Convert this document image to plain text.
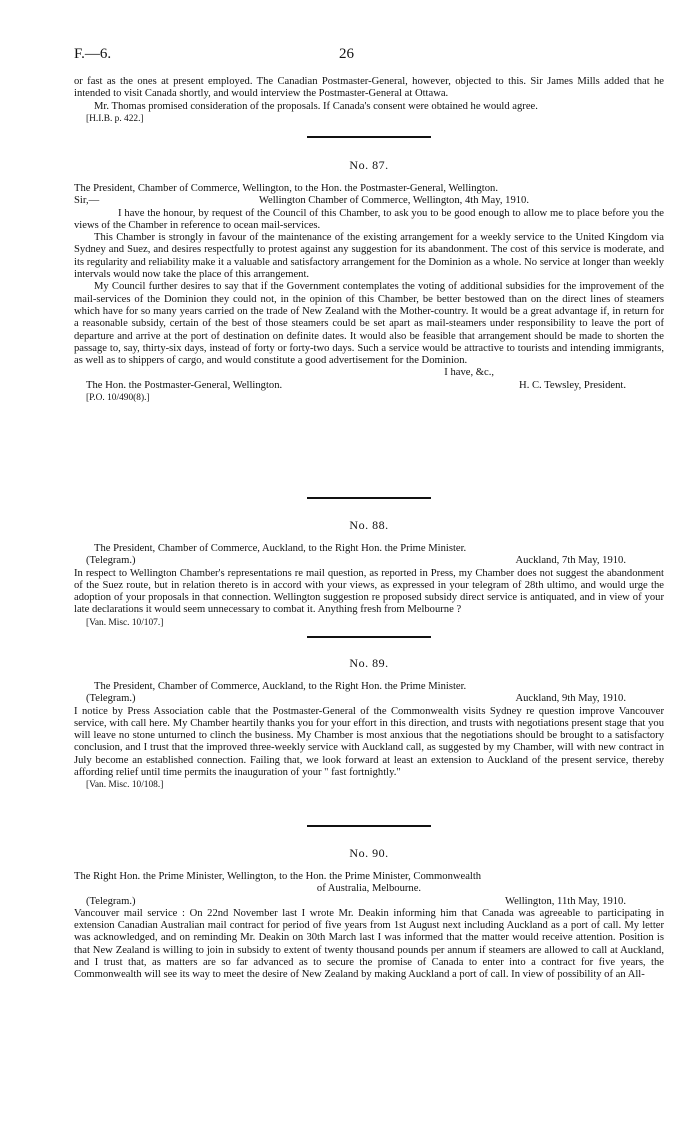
F.—6.	26

or fast as the ones at present employed. The Canadian Postmaster-General, however, objected to this. Sir James Mills added that he intended to visit Canada shortly, and would interview the Postmaster-General at Ottawa.

Mr. Thomas promised consideration of the proposals. If Canada's consent were obtained he would agree.

[H.I.B. p. 422.]

No. 87.

The President, Chamber of Commerce, Wellington, to the Hon. the Postmaster-General, Wellington.

Sir,—	Wellington Chamber of Commerce, Wellington, 4th May, 1910.

I have the honour, by request of the Council of this Chamber, to ask you to be good enough to allow me to place before you the views of the Chamber in reference to ocean mail-services.

This Chamber is strongly in favour of the maintenance of the existing arrangement for a weekly service to the United Kingdom via Sydney and Suez, and desires respectfully to protest against any suggestion for its abandonment. The cost of this service is moderate, and its regularity and reliability make it a valuable and satisfactory arrangement for the Dominion as a whole. No service at longer than weekly intervals would now take the place of this arrangement.

My Council further desires to say that if the Government contemplates the voting of additional subsidies for the improvement of the mail-services of the Dominion they could not, in the opinion of this Chamber, be better bestowed than on the direct lines of steamers which have for so many years carried on the trade of New Zealand with the Mother-country. It would be a great advantage if, in return for a reasonable subsidy, certain of the best of those steamers could be set apart as mail-steamers under responsibility to leave the port of departure and arrive at the port of destination on definite dates. It would also be feasible that arrangement should be made to shorten the passage to, say, thirty-six days, instead of forty or forty-two days. Such a service would be attractive to tourists and intending immigrants, as well as to shippers of cargo, and would constitute a good advertisement for the Dominion.

I have, &c.,
The Hon. the Postmaster-General, Wellington.	H. C. Tewsley, President.

[P.O. 10/490(8).]

No. 88.

The President, Chamber of Commerce, Auckland, to the Right Hon. the Prime Minister.

(Telegram.)	Auckland, 7th May, 1910.

In respect to Wellington Chamber's representations re mail question, as reported in Press, my Chamber does not suggest the abandonment of the Suez route, but in relation thereto is in accord with your views, as expressed in your telegram of 28th ultimo, and would urge the adoption of your proposals in that connection. Wellington suggestion re proposed subsidy direct service is antiquated, and in view of your late declarations it would seem unnecessary to combat it. Anything fresh from Melbourne ?

[Van. Misc. 10/107.]

No. 89.

The President, Chamber of Commerce, Auckland, to the Right Hon. the Prime Minister.

(Telegram.)	Auckland, 9th May, 1910.

I notice by Press Association cable that the Postmaster-General of the Commonwealth visits Sydney re question improve Vancouver service, with call here. My Chamber heartily thanks you for your effort in this direction, and trusts with negotiations present stage that you will leave no stone unturned to clinch the business. My Chamber is most anxious that the negotiations should be brought to a satisfactory conclusion, and I trust that the improved three-weekly service with Auckland call, as suggested by my Chamber, will with new contract in July become an established connection. Failing that, we look forward at least an extension to Auckland of the present service, thereby affording relief until time permits the inauguration of your " fast fortnightly."

[Van. Misc. 10/108.]

No. 90.

The Right Hon. the Prime Minister, Wellington, to the Hon. the Prime Minister, Commonwealth

of Australia, Melbourne.

(Telegram.)	Wellington, 11th May, 1910.

Vancouver mail service : On 22nd November last I wrote Mr. Deakin informing him that Canada was agreeable to participating in extension Canadian Australian mail contract for period of five years from 1st August next including Auckland as a port of call. My letter was acknowledged, and on reminding Mr. Deakin on 30th March last I was informed that the matter would receive attention. Position is that New Zealand is willing to join in subsidy to extent of twenty thousand pounds per annum if steamers are allowed to call at Auckland, and I trust that, as matters are so far advanced as to secure the promise of Canada to enter into a contract for five years, the Commonwealth will see its way to meet the desire of New Zealand by making Auckland a port of call. In view of possibility of an All-
